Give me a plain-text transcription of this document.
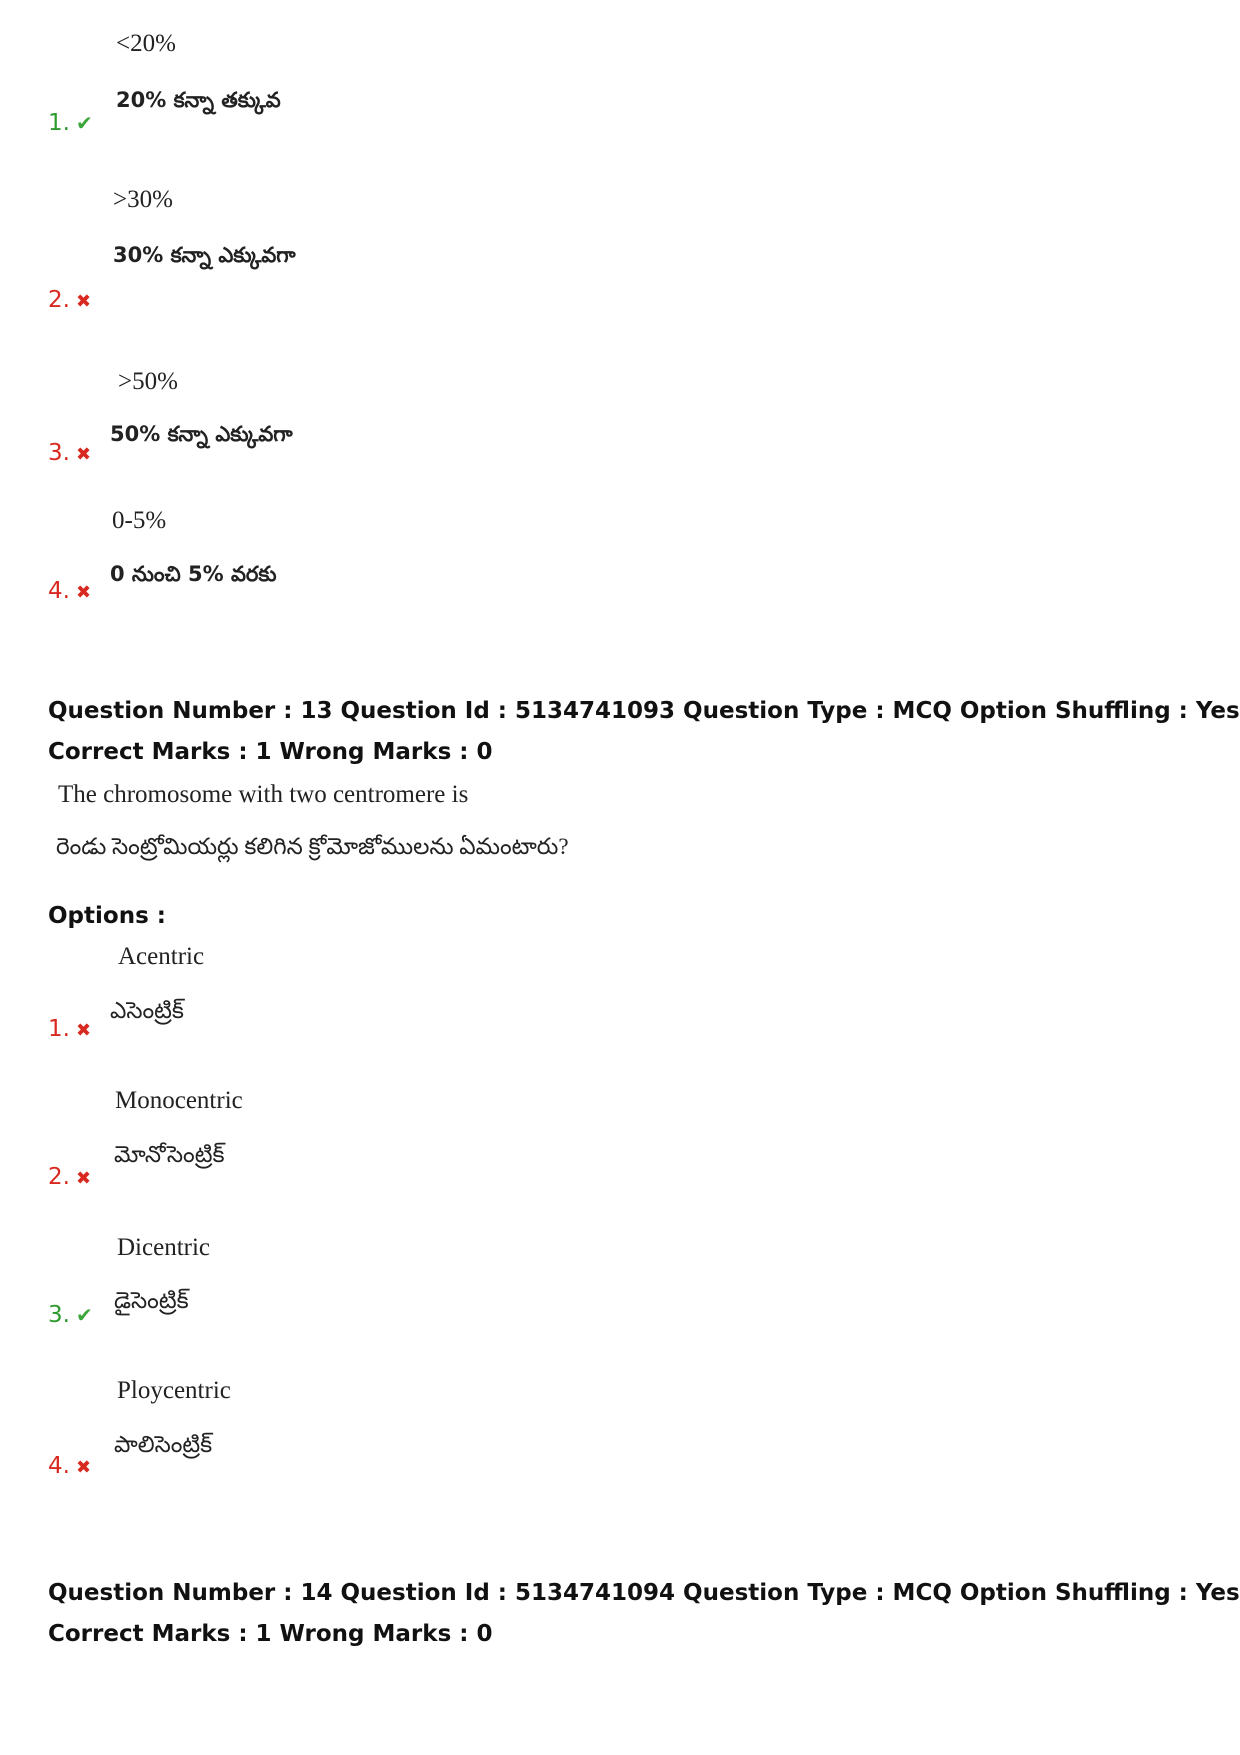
<20%
20% కన్నా తక్కువ
1. ✔
>30%
30% కన్నా ఎక్కువగా
2. ✖
>50%
50% కన్నా ఎక్కువగా
3. ✖
0-5%
0 నుంచి 5% వరకు
4. ✖
Question Number : 13 Question Id : 5134741093 Question Type : MCQ Option Shuffling : Yes
Correct Marks : 1 Wrong Marks : 0
The chromosome with two centromere is
రెండు సెంట్రోమియర్లు కలిగిన క్రోమోజోములను ఏమంటారు?
Options :
Acentric
ఎసెంట్రిక్
1. ✖
Monocentric
మోనోసెంట్రిక్
2. ✖
Dicentric
డైసెంట్రిక్
3. ✔
Ploycentric
పాలిసెంట్రిక్
4. ✖
Question Number : 14 Question Id : 5134741094 Question Type : MCQ Option Shuffling : Yes
Correct Marks : 1 Wrong Marks : 0
